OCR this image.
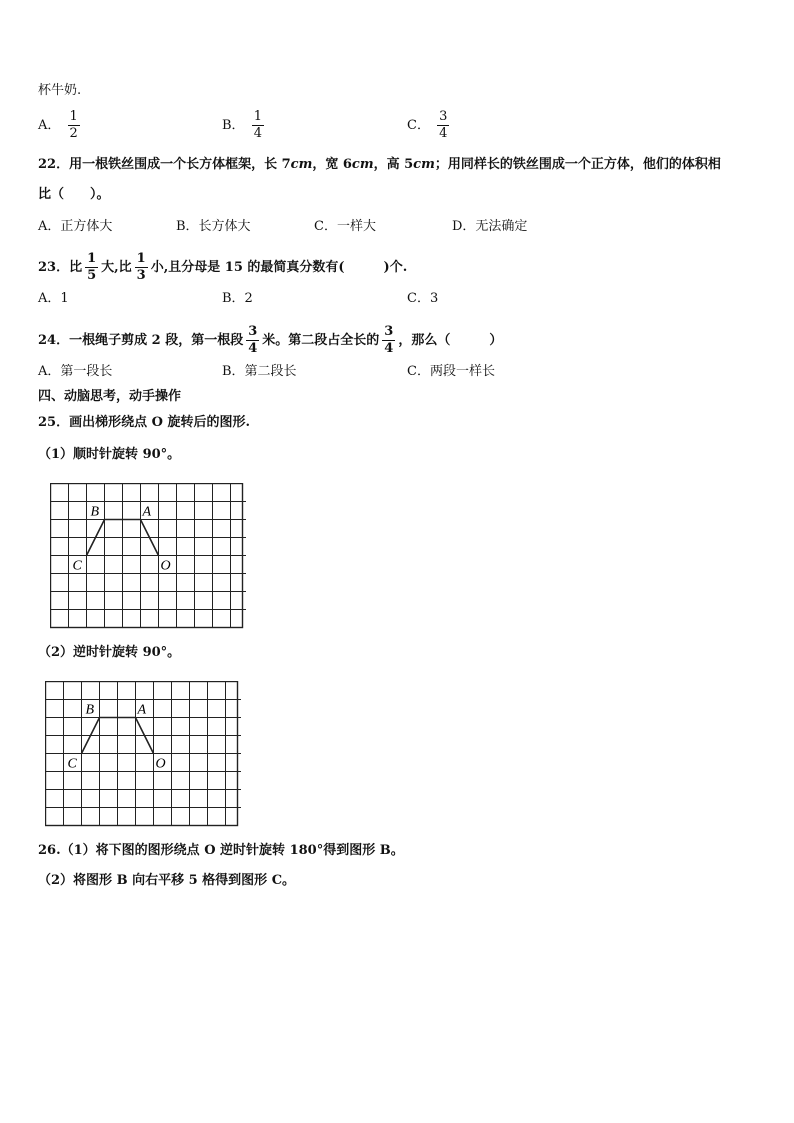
杯牛奶.
A． $\frac{1}{2}$	B． $\frac{1}{4}$	C． $\frac{3}{4}$
22．用一根铁丝围成一个长方体框架，长 7cm，宽 6cm，高 5cm；用同样长的铁丝围成一个正方体，他们的体积相
比（　　）。
A．正方体大	B．长方体大	C．一样大	D．无法确定
23．比 $\frac{1}{5}$ 大,比 $\frac{1}{3}$ 小,且分母是 15 的最简真分数有(　　　)个.
A．1	B．2	C．3
24．一根绳子剪成 2 段，第一根段 $\frac{3}{4}$ 米。第二段占全长的 $\frac{3}{4}$ ，那么（　　　）
A．第一段长	B．第二段长	C．两段一样长
四、动脑思考，动手操作
25．画出梯形绕点 O 旋转后的图形.
（1）顺时针旋转 90°。
A
B
C	O
（2）逆时针旋转 90°。
A
B
C	O
26.（1）将下图的图形绕点 O 逆时针旋转 180°得到图形 B。
（2）将图形 B 向右平移 5 格得到图形 C。
